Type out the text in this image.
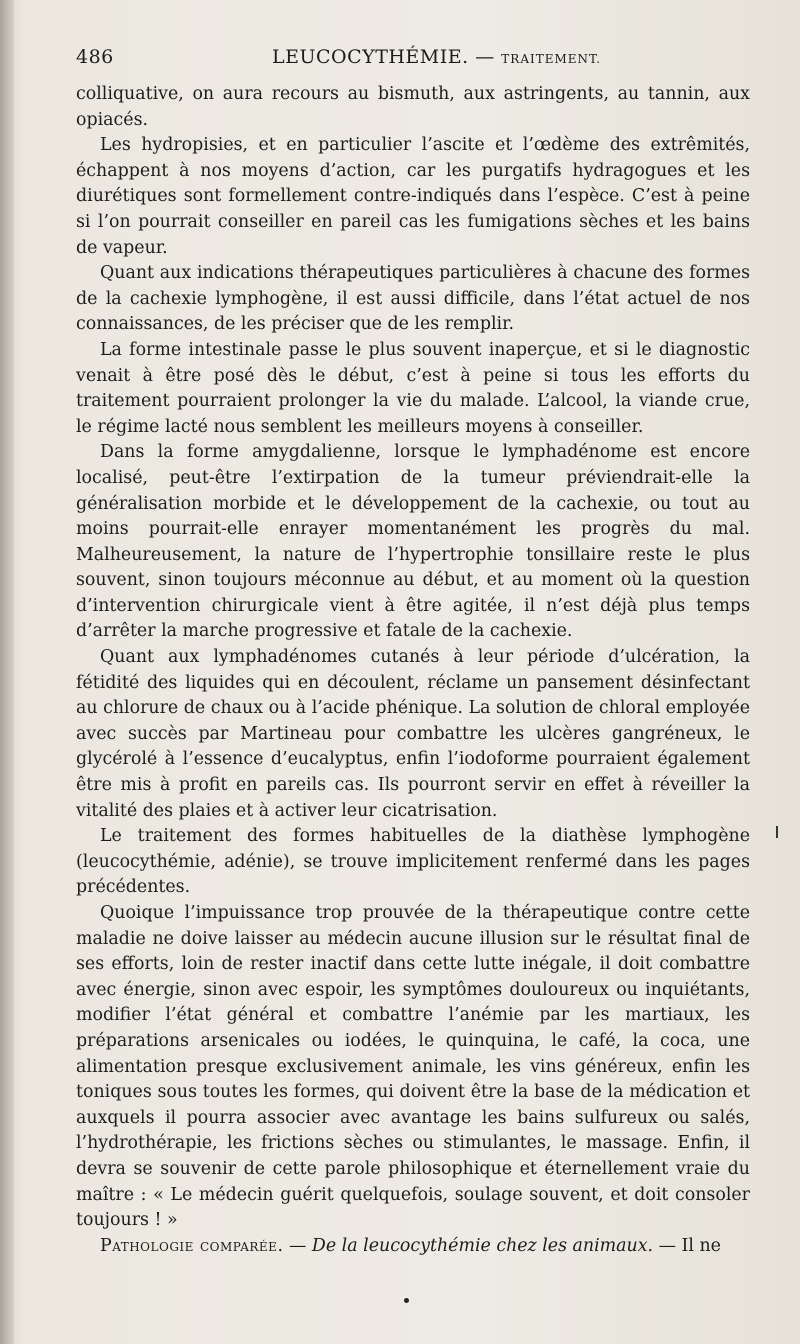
486	LEUCOCYTHÉMIE. — TRAITEMENT.

colliquative, on aura recours au bismuth, aux astringents, au tannin, aux opiacés.

Les hydropisies, et en particulier l’ascite et l’œdème des extrêmités, échappent à nos moyens d’action, car les purgatifs hydragogues et les diurétiques sont formellement contre-indiqués dans l’espèce. C’est à peine si l’on pourrait conseiller en pareil cas les fumigations sèches et les bains de vapeur.

Quant aux indications thérapeutiques particulières à chacune des formes de la cachexie lymphogène, il est aussi difficile, dans l’état actuel de nos connaissances, de les préciser que de les remplir.

La forme intestinale passe le plus souvent inaperçue, et si le diagnostic venait à être posé dès le début, c’est à peine si tous les efforts du traitement pourraient prolonger la vie du malade. L’alcool, la viande crue, le régime lacté nous semblent les meilleurs moyens à conseiller.

Dans la forme amygdalienne, lorsque le lymphadénome est encore localisé, peut-être l’extirpation de la tumeur préviendrait-elle la généralisation morbide et le développement de la cachexie, ou tout au moins pourrait-elle enrayer momentanément les progrès du mal. Malheureusement, la nature de l’hypertrophie tonsillaire reste le plus souvent, sinon toujours méconnue au début, et au moment où la question d’intervention chirurgicale vient à être agitée, il n’est déjà plus temps d’arrêter la marche progressive et fatale de la cachexie.

Quant aux lymphadénomes cutanés à leur période d’ulcération, la fétidité des liquides qui en découlent, réclame un pansement désinfectant au chlorure de chaux ou à l’acide phénique. La solution de chloral employée avec succès par Martineau pour combattre les ulcères gangréneux, le glycérolé à l’essence d’eucalyptus, enfin l’iodoforme pourraient également être mis à profit en pareils cas. Ils pourront servir en effet à réveiller la vitalité des plaies et à activer leur cicatrisation.

Le traitement des formes habituelles de la diathèse lymphogène (leucocythémie, adénie), se trouve implicitement renfermé dans les pages précédentes.

Quoique l’impuissance trop prouvée de la thérapeutique contre cette maladie ne doive laisser au médecin aucune illusion sur le résultat final de ses efforts, loin de rester inactif dans cette lutte inégale, il doit combattre avec énergie, sinon avec espoir, les symptômes douloureux ou inquiétants, modifier l’état général et combattre l’anémie par les martiaux, les préparations arsenicales ou iodées, le quinquina, le café, la coca, une alimentation presque exclusivement animale, les vins généreux, enfin les toniques sous toutes les formes, qui doivent être la base de la médication et auxquels il pourra associer avec avantage les bains sulfureux ou salés, l’hydrothérapie, les frictions sèches ou stimulantes, le massage. Enfin, il devra se souvenir de cette parole philosophique et éternellement vraie du maître : « Le médecin guérit quelquefois, soulage souvent, et doit consoler toujours ! »

Pathologie comparée. — De la leucocythémie chez les animaux. — Il ne
